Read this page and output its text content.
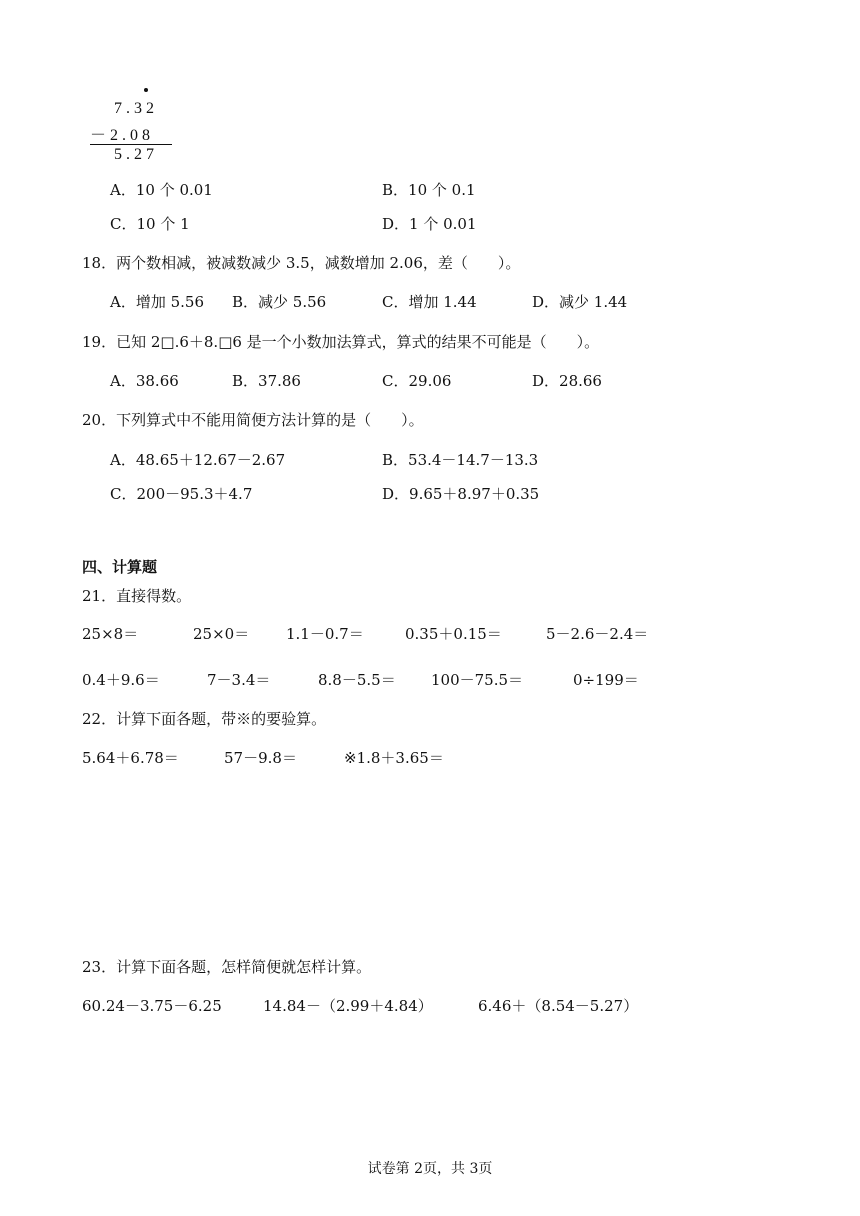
7.32
－2.08
5.27
A．10 个 0.01	B．10 个 0.1
C．10 个 1	D．1 个 0.01
18．两个数相减，被减数减少 3.5，减数增加 2.06，差（　　）。
A．增加 5.56 B．减少 5.56	C．增加 1.44	D．减少 1.44
19．已知 2□.6＋8.□6 是一个小数加法算式，算式的结果不可能是（　　）。
A．38.66	B．37.86	C．29.06	D．28.66
20．下列算式中不能用简便方法计算的是（　　）。
A．48.65＋12.67－2.67	B．53.4－14.7－13.3
C．200－95.3＋4.7	D．9.65＋8.97＋0.35
四、计算题
21．直接得数。
25×8＝	25×0＝ 1.1－0.7＝	0.35＋0.15＝	5－2.6－2.4＝
0.4＋9.6＝	7－3.4＝	8.8－5.5＝ 100－75.5＝	0÷199＝
22．计算下面各题，带※的要验算。
5.64＋6.78＝	57－9.8＝	※1.8＋3.65＝
23．计算下面各题，怎样简便就怎样计算。
60.24－3.75－6.25	14.84－（2.99＋4.84）	6.46＋（8.54－5.27）
试卷第 2页，共 3页
